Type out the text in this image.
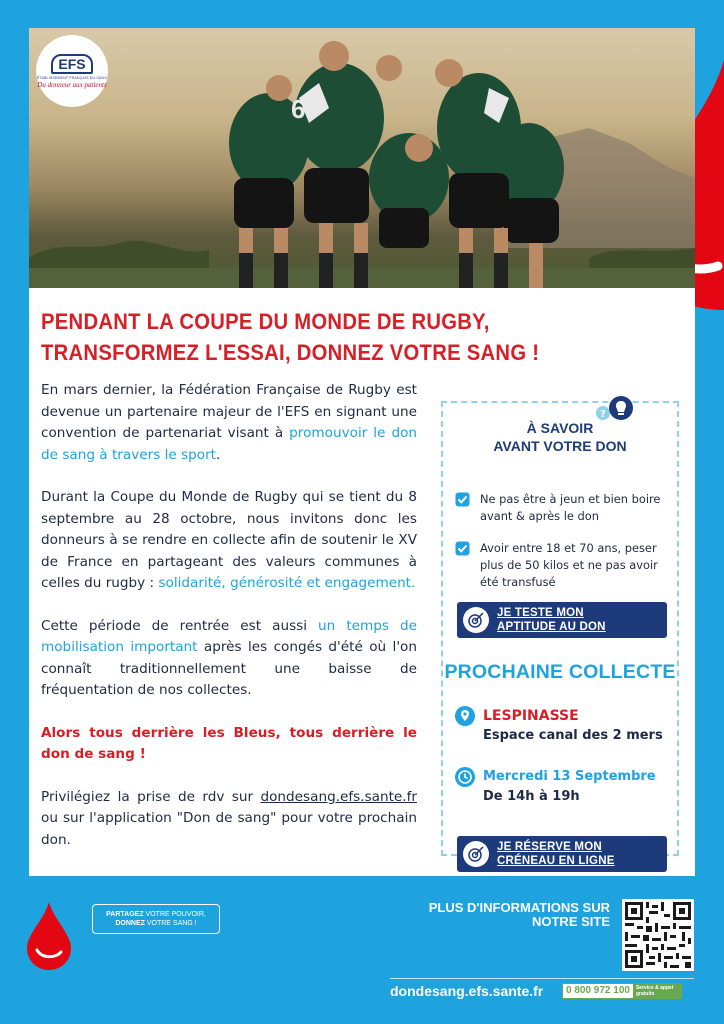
6
EFS
ÉTABLISSEMENT FRANÇAIS DU SANG
Du donneur aux patients
PENDANT LA COUPE DU MONDE DE RUGBY,
TRANSFORMEZ L'ESSAI, DONNEZ VOTRE SANG !

En mars dernier, la Fédération Française de Rugby est devenue un partenaire majeur de l'EFS en signant une convention de partenariat visant à promouvoir le don de sang à travers le sport.

Durant la Coupe du Monde de Rugby qui se tient du 8 septembre au 28 octobre, nous invitons donc les donneurs à se rendre en collecte afin de soutenir le XV de France en partageant des valeurs communes à celles du rugby : solidarité, générosité et engagement.

Cette période de rentrée est aussi un temps de mobilisation important après les congés d'été où l'on connaît traditionnellement une baisse de fréquentation de nos collectes.

Alors tous derrière les Bleus, tous derrière le don de sang !

Privilégiez la prise de rdv sur dondesang.efs.sante.fr ou sur l'application "Don de sang" pour votre prochain don.

?
À SAVOIR
AVANT VOTRE DON
Ne pas être à jeun et bien boire avant & après le don
Avoir entre 18 et 70 ans, peser plus de 50 kilos et ne pas avoir été transfusé
JE TESTE MON
APTITUDE AU DON
PROCHAINE COLLECTE
LESPINASSE
Espace canal des 2 mers
Mercredi 13 Septembre
De 14h à 19h
JE RÉSERVE MON
CRÉNEAU EN LIGNE
PARTAGEZ VOTRE POUVOIR,
DONNEZ VOTRE SANG !
PLUS D'INFORMATIONS SUR
NOTRE SITE
dondesang.efs.sante.fr	0 800 972 100	Service & appel gratuits
